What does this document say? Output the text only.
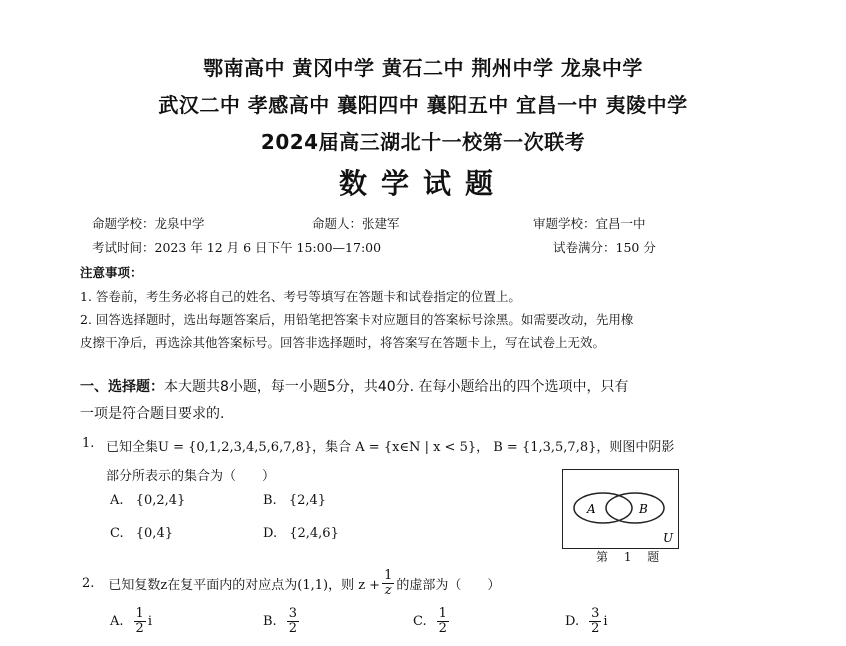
鄂南高中 黄冈中学 黄石二中 荆州中学 龙泉中学
武汉二中 孝感高中 襄阳四中 襄阳五中 宜昌一中 夷陵中学
2024届高三湖北十一校第一次联考
数学试题
命题学校：龙泉中学	命题人：张建军	审题学校：宜昌一中
考试时间：2023 年 12 月 6 日下午 15:00—17:00	试卷满分：150 分
注意事项：
1. 答卷前，考生务必将自己的姓名、考号等填写在答题卡和试卷指定的位置上。
2. 回答选择题时，选出每题答案后，用铅笔把答案卡对应题目的答案标号涂黑。如需要改动，先用橡
皮擦干净后，再选涂其他答案标号。回答非选择题时，将答案写在答题卡上，写在试卷上无效。
一、选择题：本大题共8小题，每一小题5分，共40分. 在每小题给出的四个选项中，只有
一项是符合题目要求的.
1. 已知全集U = {0,1,2,3,4,5,6,7,8}，集合 A = {x∈N | x < 5}， B = {1,3,5,7,8}，则图中阴影
部分所表示的集合为（　　）
A. {0,2,4}	B. {2,4}
C. {0,4}	D. {2,4,6}
A	B
U
第 1 题
2. 已知复数z在复平面内的对应点为(1,1)，则 $z + \frac{1}{z}$ 的虚部为（　　）
A. $\frac{1}{2}$ i	B. $\frac{3}{2}$	C. $\frac{1}{2}$	D. $\frac{3}{2}$ i
